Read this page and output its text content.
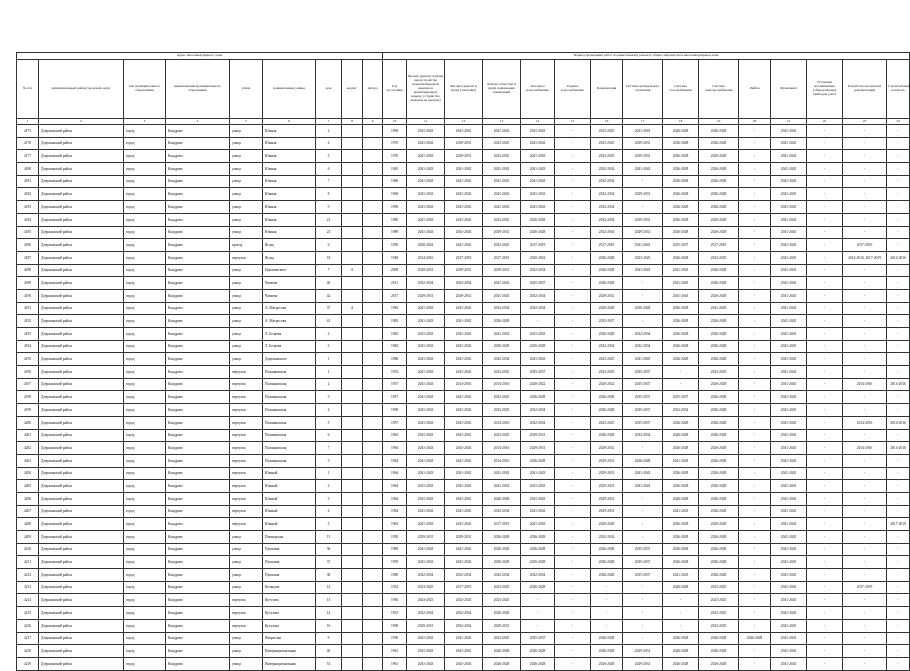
Адрес многоквартирного дома									Период проведения работ по капитальному ремонту общего имущества в многоквартирном доме														
№ п/п	муниципальный район/городской округ	тип муниципального образования	наименование муниципального образования	улица	наименование улицы	дом	корпус	литера	Год постройки	Кровля (ремонт и (или) переустройство невентилируемой крыши на вентилируемую крышу, устройство выходов на кровлю)	Фасады (ремонт и (или) утепление)	Ремонт отмостки и (или) подвальных помещений	Холодное водоснабжение	Горячее водоснабжение	Канализация	Система центрального отопления	Система газоснабжения	Система электроснабжения	Лифты	Фундамент	Установка коллективных (общедомовых) приборов учета	Разработка проектной документации	Строительный контроль
1	2	3	4	5	6	7	8	9	10	11	12	13	14	15	16	17	18	19	20	21	22	23	24
4175	Дзержинский район	город	Кондрово	улица	Южная	2			1969	2041-2043	2041-2043	2041-2043	2041-2043	-	2023-2025	2041-2043	2026-2028	2026-2028	-	2041-2043	-	-	-
4176	Дзержинский район	город	Кондрово	улица	Южная	4			1970	2041-2043	2029-2031	2023-2025	2041-2043	-	2023-2025	2029-2031	2026-2028	2026-2028	-	2041-2043	-	-	-
4177	Дзержинский район	город	Кондрово	улица	Южная	5			1970	2041-2043	2029-2031	2023-2025	2041-2043	-	2023-2025	2029-2031	2026-2028	2026-2028	-	2041-2043	-	-	-
4180	Дзержинский район	город	Кондрово	улица	Южная	6			1965	2041-2043	2041-2043	2041-2043	2041-2043	-	2032-2034	2041-2043	2026-2028	2026-2028	-	2041-2043	-	-	-
4181	Дзержинский район	город	Кондрово	улица	Южная	7			1966	2041-2043	2041-2043	2041-2043	2041-2043	-	2032-2034	-	2026-2028	2026-2028	-	2041-2043	-	-	-
4182	Дзержинский район	город	Кондрово	улица	Южная	8			1969	2041-2043	2041-2043	2041-2043	2041-2043	-	2032-2034	2029-2031	2026-2028	2026-2028	-	2041-2043	-	-	-
4183	Дзержинский район	город	Кондрово	улица	Южная	9			1969	2041-2043	2041-2043	2041-2043	2041-2043	-	2032-2034	-	2026-2028	2026-2028	-	2041-2043	-	-	-
4184	Дзержинский район	город	Кондрово	улица	Южная	21			1985	2041-2043	2041-2043	2023-2025	2026-2028	-	2032-2034	2029-2031	2026-2028	2026-2028	-	2041-2043	-	-	-
4185	Дзержинский район	город	Кондрово	улица	Южная	23			1989	2041-2043	2041-2043	2029-2031	2026-2028	-	2032-2034	2029-2031	2026-2028	2026-2028	-	2041-2043	-	-	-
4186	Дзержинский район	город	Кондрово	проезд	Ягода	6			1950	2020-2022	2041-2043	2023-2025	2017-2019	-	2017-2019	2041-2043	2035-2037	2017-2019	-	2041-2043	-	2017-2019	-
4187	Дзержинский район	город	Кондрово	переулок	Ягода	18			1949	2014-2016	2017-2019	2017-2019	2020-2022	-	2026-2028	2023-2025	2026-2028	2023-2025	-	2041-2043	-	2014-2016, 2017-2019	2014-2016
4188	Дзержинский район	город	Кондрово	улица	Циолковского	7	А		2009	2029-2031	2029-2031	2029-2031	2032-2034	-	2026-2028	2041-2043	2041-2043	2026-2028	-	2041-2043	-	-	-
4189	Дзержинский район	город	Кондрово	улица	Чапаева	40			2011	2032-2034	2032-2034	2041-2043	2035-2037	-	2026-2028	-	2041-2043	2026-2028	-	2041-2043	-	-	-
4190	Дзержинский район	город	Кондрово	улица	Чапаева	42			2017	2029-2031	2029-2031	2041-2043	2032-2034	-	2029-2031	-	2041-2043	2026-2028	-	2041-2043	-	-	-
4191	Дзержинский район	город	Кондрово	улица	А. Матросова	37	А		1983	2041-2043	2041-2043	2032-2034	2032-2034	-	2026-2028	2026-2028	2026-2028	2041-2043	-	2041-2043	-	-	-
4192	Дзержинский район	город	Кондрово	улица	А. Матросова	41			1982	2041-2043	2041-2043	2026-2028	-	-	2035-2037	-	2026-2028	2026-2028	-	2041-2043	-	-	-
4193	Дзержинский район	город	Кондрово	улица	Л. Беляева	2			1982	2041-2043	2041-2043	2041-2043	2041-2043	-	2026-2028	2032-2034	2026-2028	2026-2028	-	2041-2043	-	-	-
4194	Дзержинский район	город	Кондрово	улица	Л. Беляева	3			1982	2041-2043	2041-2043	2026-2028	2026-2028	-	2032-2034	2032-2034	2026-2028	2026-2028	-	2041-2043	-	-	-
4195	Дзержинский район	город	Кондрово	улица	Дзержинского	1			1986	2041-2043	2041-2043	2032-2034	2041-2043	-	2023-2025	2041-2043	2026-2028	2026-2028	-	2041-2043	-	-	-
4196	Дзержинский район	город	Кондрово	переулок	Полянковская	1			1952	2041-2043	2041-2043	2023-2025	2035-2037	-	2023-2025	2035-2037	-	2023-2025	-	2041-2043	-	-	-
4197	Дзержинский район	город	Кондрово	переулок	Полянковская	2			1957	2041-2043	2014-2016	2014-2016	2020-2022	-	2020-2022	2035-2037	-	2026-2028	-	2041-2043	-	2014-2016	2014-2016
4198	Дзержинский район	город	Кондрово	переулок	Полянковская	3			1957	2041-2043	2041-2043	2023-2025	2026-2028	-	2026-2028	2035-2037	2035-2037	2026-2028	-	2041-2043	-	-	-
4199	Дзержинский район	город	Кондрово	переулок	Полянковская	4			1958	2041-2043	2041-2043	2023-2025	2032-2034	-	2026-2028	2035-2037	2032-2034	2026-2028	-	2041-2043	-	-	-
4200	Дзержинский район	город	Кондрово	переулок	Полянковская	5			1957	2041-2043	2041-2043	2014-2016	2032-2034	-	2023-2025	2035-2037	2026-2028	2026-2028	-	2041-2043	-	2014-2016	2014-2016
4201	Дзержинский район	город	Кондрово	переулок	Полянковская	6			1965	2041-2043	2041-2043	2023-2025	2029-2031	-	2026-2028	2032-2034	2026-2028	2026-2028	-	2041-2043	-	-	-
4202	Дзержинский район	город	Кондрово	переулок	Полянковская	7			1994	2041-2043	2041-2043	2014-2016	2029-2031	-	2029-2031	-	2026-2028	2026-2028	-	2041-2043	-	2014-2016	2014-2016
4203	Дзержинский район	город	Кондрово	переулок	Полянковская	3			1964	2041-2043	2041-2043	2014-2016	2026-2028	-	2029-2031	2026-2028	2041-2043	2026-2028	-	2041-2043	-	-	-
4204	Дзержинский район	город	Кондрово	переулок	Южный	1			1964	2041-2043	2041-2043	2041-2043	2041-2043	-	2029-2031	2041-2043	2026-2028	2026-2028	-	2041-2043	-	-	-
4205	Дзержинский район	город	Кондрово	переулок	Южный	2			1964	2041-2043	2041-2043	2041-2043	2041-2043	-	2029-2031	2041-2043	2026-2028	2026-2028	-	2041-2043	-	-	-
4206	Дзержинский район	город	Кондрово	переулок	Южный	3			1964	2041-2043	2041-2043	2026-2028	2041-2043	-	2029-2031	-	2026-2028	2026-2028	-	2041-2043	-	-	-
4207	Дзержинский район	город	Кондрово	переулок	Южный	4			1964	2041-2043	2041-2043	2032-2034	2041-2043	-	2029-2031	-	2041-2043	2026-2028	-	2041-2043	-	-	-
4208	Дзержинский район	город	Кондрово	переулок	Южный	5			1963	2041-2043	2041-2043	2017-2019	2041-2043	-	2026-2028	-	2026-2028	2026-2028	-	2041-2043	-	-	2017-2019
4209	Дзержинский район	город	Кондрово	улица	Пионерская	13			1950	2029-2031	2029-2031	2026-2028	2026-2028	-	2032-2034	-	2026-2028	2026-2028	-	2041-2043	-	-	-
4210	Дзержинский район	город	Кондрово	улица	Пушкина	36			1989	2041-2043	2041-2043	2026-2028	2026-2028	-	2026-2028	2035-2037	2026-2028	2026-2028	-	2041-2043	-	-	-
4211	Дзержинский район	город	Кондрово	улица	Пушкина	37			1959	2041-2043	2041-2043	2026-2028	2026-2028	-	2026-2028	2035-2037	2026-2028	2026-2028	-	2041-2043	-	-	-
4212	Дзержинский район	город	Кондрово	улица	Пушкина	38			1980	2032-2034	2032-2034	2032-2034	2032-2034	-	2026-2028	2035-2037	2041-2043	2026-2028	-	2041-2043	-	-	-
4213	Дзержинский район	город	Кондрово	улица	Кольцова	14			1952	2023-2025	2017-2019	2023-2025	2026-2028	-	-	-	2026-2028	2023-2025	-	2041-2043	-	2017-2019	-
4214	Дзержинский район	город	Кондрово	переулок	Кутузова	13			1956	2023-2025	2023-2025	2023-2025	-	-	-	-	-	2023-2025	-	2041-2043	-	-	-
4215	Дзержинский район	город	Кондрово	переулок	Кутузова	14			1953	2032-2034	2032-2034	2026-2028	-	-	-	-	-	2023-2025	-	2041-2043	-	-	-
4216	Дзержинский район	город	Кондрово	переулок	Кутузова	16			1958	2029-2031	2032-2034	2029-2031	-	-	-	-	-	2023-2025	-	2041-2043	-	-	-
4217	Дзержинский район	город	Кондрово	улица	Некрасова	9			1950	2041-2043	2041-2043	2023-2025	2035-2037	-	2026-2028	-	2026-2028	2026-2028	2026-2028	2041-2043	-	-	-
4218	Дзержинский район	город	Кондрово	улица	Интернациональная	40			1961	2041-2043	2041-2043	2026-2028	2026-2028	-	2026-2028	2029-2031	2026-2028	2026-2028	-	2041-2043	-	-	-
4219	Дзержинский район	город	Кондрово	улица	Интернациональная	51			1961	2041-2043	2041-2043	2026-2028	2026-2028	-	2026-2028	2029-2031	2026-2028	2026-2028	-	2041-2043	-	-	-
